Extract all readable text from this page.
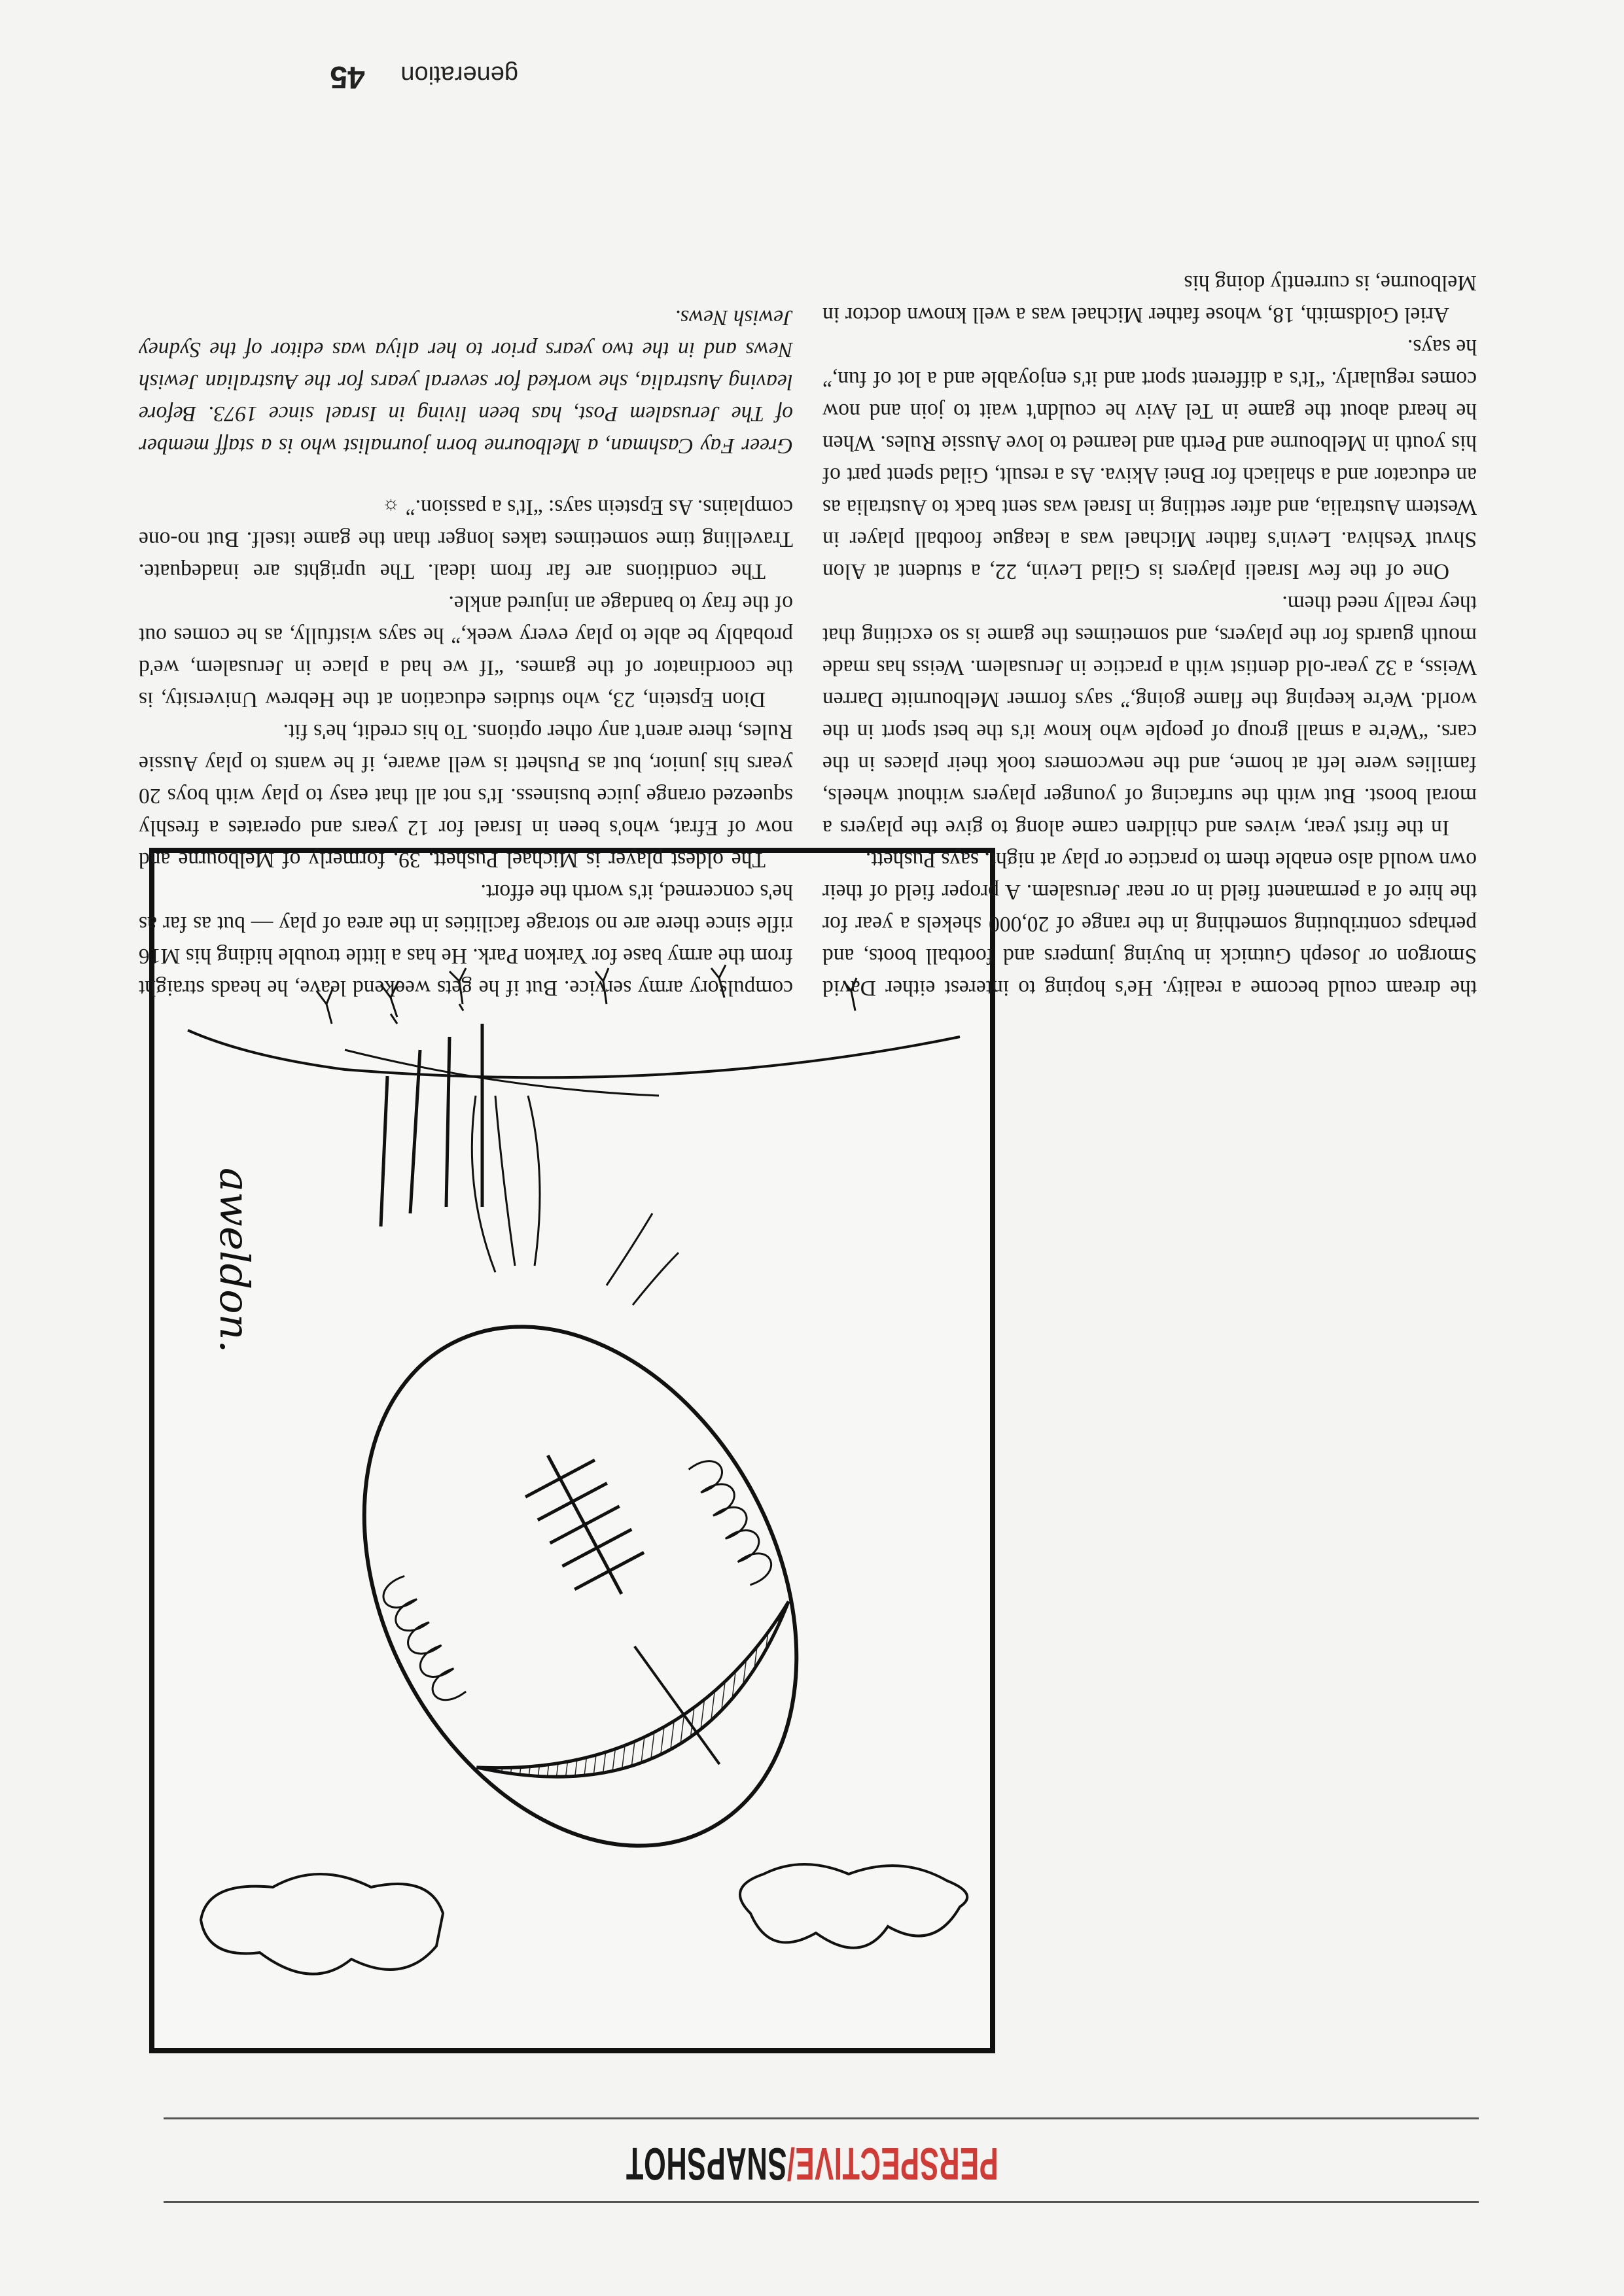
PERSPECTIVE/SNAPSHOT
aweldon.

the dream could become a reality. He's hoping to interest either David Smorgon or Joseph Gutnick in buying jumpers and football boots, and perhaps contributing something in the range of 20,000 shekels a year for the hire of a permanent field in or near Jerusalem. A proper field of their own would also enable them to practice or play at night, says Pushett.

In the first year, wives and children came along to give the players a moral boost. But with the surfacing of younger players without wheels, families were left at home, and the newcomers took their places in the cars. “We're a small group of people who know it's the best sport in the world. We're keeping the flame going,” says former Melbournite Darren Weiss, a 32 year-old dentist with a practice in Jerusalem. Weiss has made mouth guards for the players, and sometimes the game is so exciting that they really need them.

One of the few Israeli players is Gilad Levin, 22, a student at Alon Shvut Yeshiva. Levin's father Michael was a league football player in Western Australia, and after settling in Israel was sent back to Australia as an educator and a shaliach for Bnei Akiva. As a result, Gilad spent part of his youth in Melbourne and Perth and learned to love Aussie Rules. When he heard about the game in Tel Aviv he couldn't wait to join and now comes regularly. “It's a different sport and it's enjoyable and a lot of fun,” he says.

Ariel Goldsmith, 18, whose father Michael was a well known doctor in Melbourne, is currently doing his

compulsory army service. But if he gets weekend leave, he heads straight from the army base for Yarkon Park. He has a little trouble hiding his M16 rifle since there are no storage facilities in the area of play — but as far as he's concerned, it's worth the effort.

The oldest player is Michael Pushett, 39, formerly of Melbourne and now of Efrat, who's been in Israel for 12 years and operates a freshly squeezed orange juice business. It's not all that easy to play with boys 20 years his junior, but as Pushett is well aware, if he wants to play Aussie Rules, there aren't any other options. To his credit, he's fit.

Dion Epstein, 23, who studies education at the Hebrew University, is the coordinator of the games. “If we had a place in Jerusalem, we'd probably be able to play every week,” he says wistfully, as he comes out of the fray to bandage an injured ankle.

The conditions are far from ideal. The uprights are inadequate. Travelling time sometimes takes longer than the game itself. But no-one complains. As Epstein says: “It's a passion.” ☼

Greer Fay Cashman, a Melbourne born journalist who is a staff member of The Jerusalem Post, has been living in Israel since 1973. Before leaving Australia, she worked for several years for the Australian Jewish News and in the two years prior to her aliya was editor of the Sydney Jewish News.

generation 45
